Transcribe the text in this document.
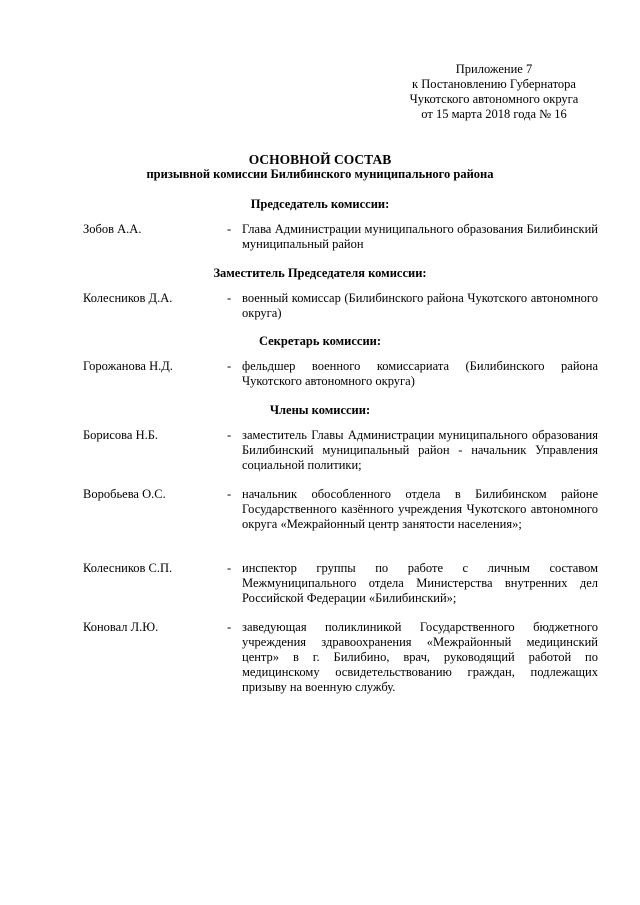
Приложение 7
к Постановлению Губернатора
Чукотского автономного округа
от 15 марта 2018 года № 16
ОСНОВНОЙ СОСТАВ
призывной комиссии Билибинского муниципального района
Председатель комиссии:
Зобов А.А.	- Глава Администрации муниципального образования Билибинский муниципальный район
Заместитель Председателя комиссии:
Колесников Д.А.	- военный комиссар (Билибинского района Чукотского автономного округа)
Секретарь комиссии:
Горожанова Н.Д.	- фельдшер военного комиссариата (Билибинского района Чукотского автономного округа)
Члены комиссии:
Борисова Н.Б.	- заместитель Главы Администрации муниципального образования Билибинский муниципальный район - начальник Управления социальной политики;
Воробьева О.С.	- начальник обособленного отдела в Билибинском районе Государственного казённого учреждения Чукотского автономного округа «Межрайонный центр занятости населения»;
Колесников С.П.	- инспектор группы по работе с личным составом Межмуниципального отдела Министерства внутренних дел Российской Федерации «Билибинский»;
Коновал Л.Ю.	- заведующая поликлиникой Государственного бюджетного учреждения здравоохранения «Межрайонный медицинский центр» в г. Билибино, врач, руководящий работой по медицинскому освидетельствованию граждан, подлежащих призыву на военную службу.
